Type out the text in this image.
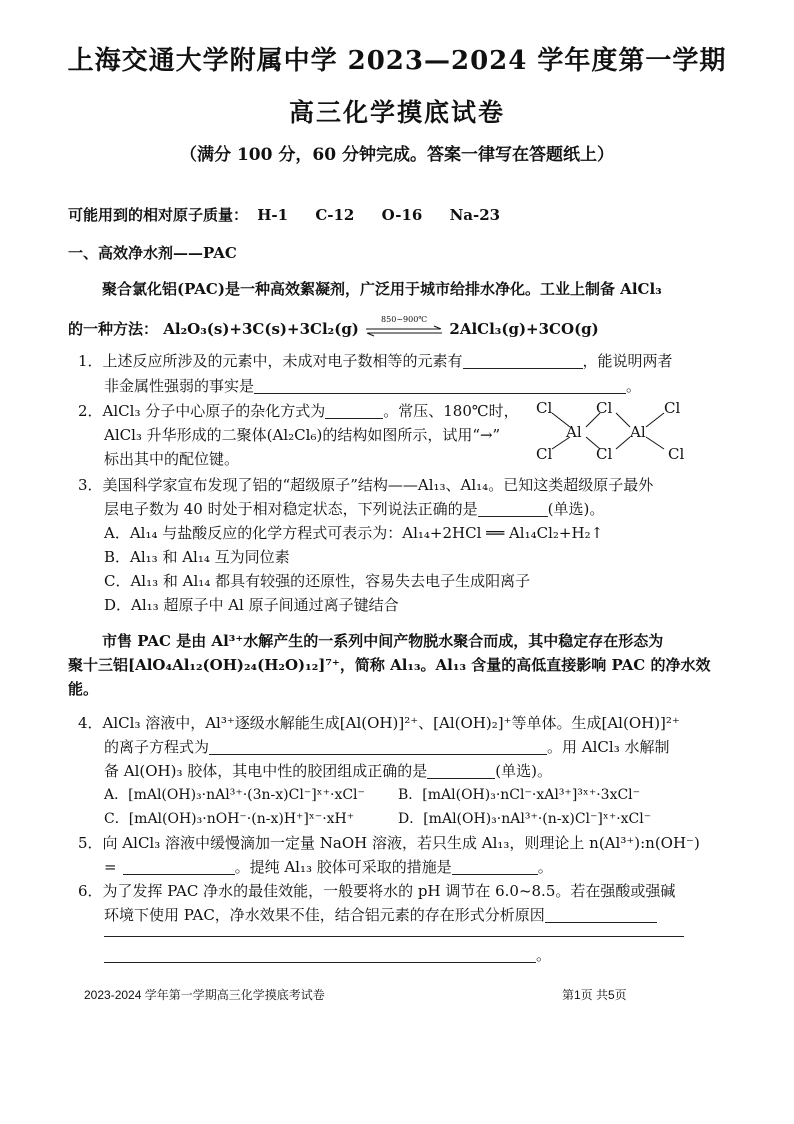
上海交通大学附属中学 2023—2024 学年度第一学期
高三化学摸底试卷
（满分 100 分，60 分钟完成。答案一律写在答题纸上）
可能用到的相对原子质量： H-1 C-12 O-16 Na-23
一、高效净水剂——PAC
聚合氯化铝(PAC)是一种高效絮凝剂，广泛用于城市给排水净化。工业上制备 AlCl₃
的一种方法： Al₂O₃(s)+3C(s)+3Cl₂(g)
850~900℃
2AlCl₃(g)+3CO(g)
1．上述反应所涉及的元素中，未成对电子数相等的元素有	，能说明两者
非金属性强弱的事实是	。
2．AlCl₃ 分子中心原子的杂化方式为	。常压、180℃时，
AlCl₃ 升华形成的二聚体(Al₂Cl₆)的结构如图所示，试用“→”
标出其中的配位键。
Cl
Cl
Al
Cl
Cl
Al
Cl
Cl
3．美国科学家宣布发现了铝的“超级原子”结构——Al₁₃、Al₁₄。已知这类超级原子最外
层电子数为 40 时处于相对稳定状态，下列说法正确的是	(单选)。
A．Al₁₄ 与盐酸反应的化学方程式可表示为：Al₁₄+2HCl ══ Al₁₄Cl₂+H₂↑
B．Al₁₃ 和 Al₁₄ 互为同位素
C．Al₁₃ 和 Al₁₄ 都具有较强的还原性，容易失去电子生成阳离子
D．Al₁₃ 超原子中 Al 原子间通过离子键结合
市售 PAC 是由 Al³⁺水解产生的一系列中间产物脱水聚合而成，其中稳定存在形态为
聚十三铝[AlO₄Al₁₂(OH)₂₄(H₂O)₁₂]⁷⁺，简称 Al₁₃。Al₁₃ 含量的高低直接影响 PAC 的净水效
能。
4．AlCl₃ 溶液中，Al³⁺逐级水解能生成[Al(OH)]²⁺、[Al(OH)₂]⁺等单体。生成[Al(OH)]²⁺
的离子方程式为	。用 AlCl₃ 水解制
备 Al(OH)₃ 胶体，其电中性的胶团组成正确的是	(单选)。
A．[mAl(OH)₃·nAl³⁺·(3n-x)Cl⁻]ˣ⁺·xCl⁻ B．[mAl(OH)₃·nCl⁻·xAl³⁺]³ˣ⁺·3xCl⁻
C．[mAl(OH)₃·nOH⁻·(n-x)H⁺]ˣ⁻·xH⁺	D．[mAl(OH)₃·nAl³⁺·(n-x)Cl⁻]ˣ⁺·xCl⁻
5．向 AlCl₃ 溶液中缓慢滴加一定量 NaOH 溶液，若只生成 Al₁₃，则理论上 n(Al³⁺):n(OH⁻)
=	。提纯 Al₁₃ 胶体可采取的措施是	。
6．为了发挥 PAC 净水的最佳效能，一般要将水的 pH 调节在 6.0~8.5。若在强酸或强碱
环境下使用 PAC，净水效果不佳，结合铝元素的存在形式分析原因
。
2023-2024 学年第一学期高三化学摸底考试卷	第1页 共5页
